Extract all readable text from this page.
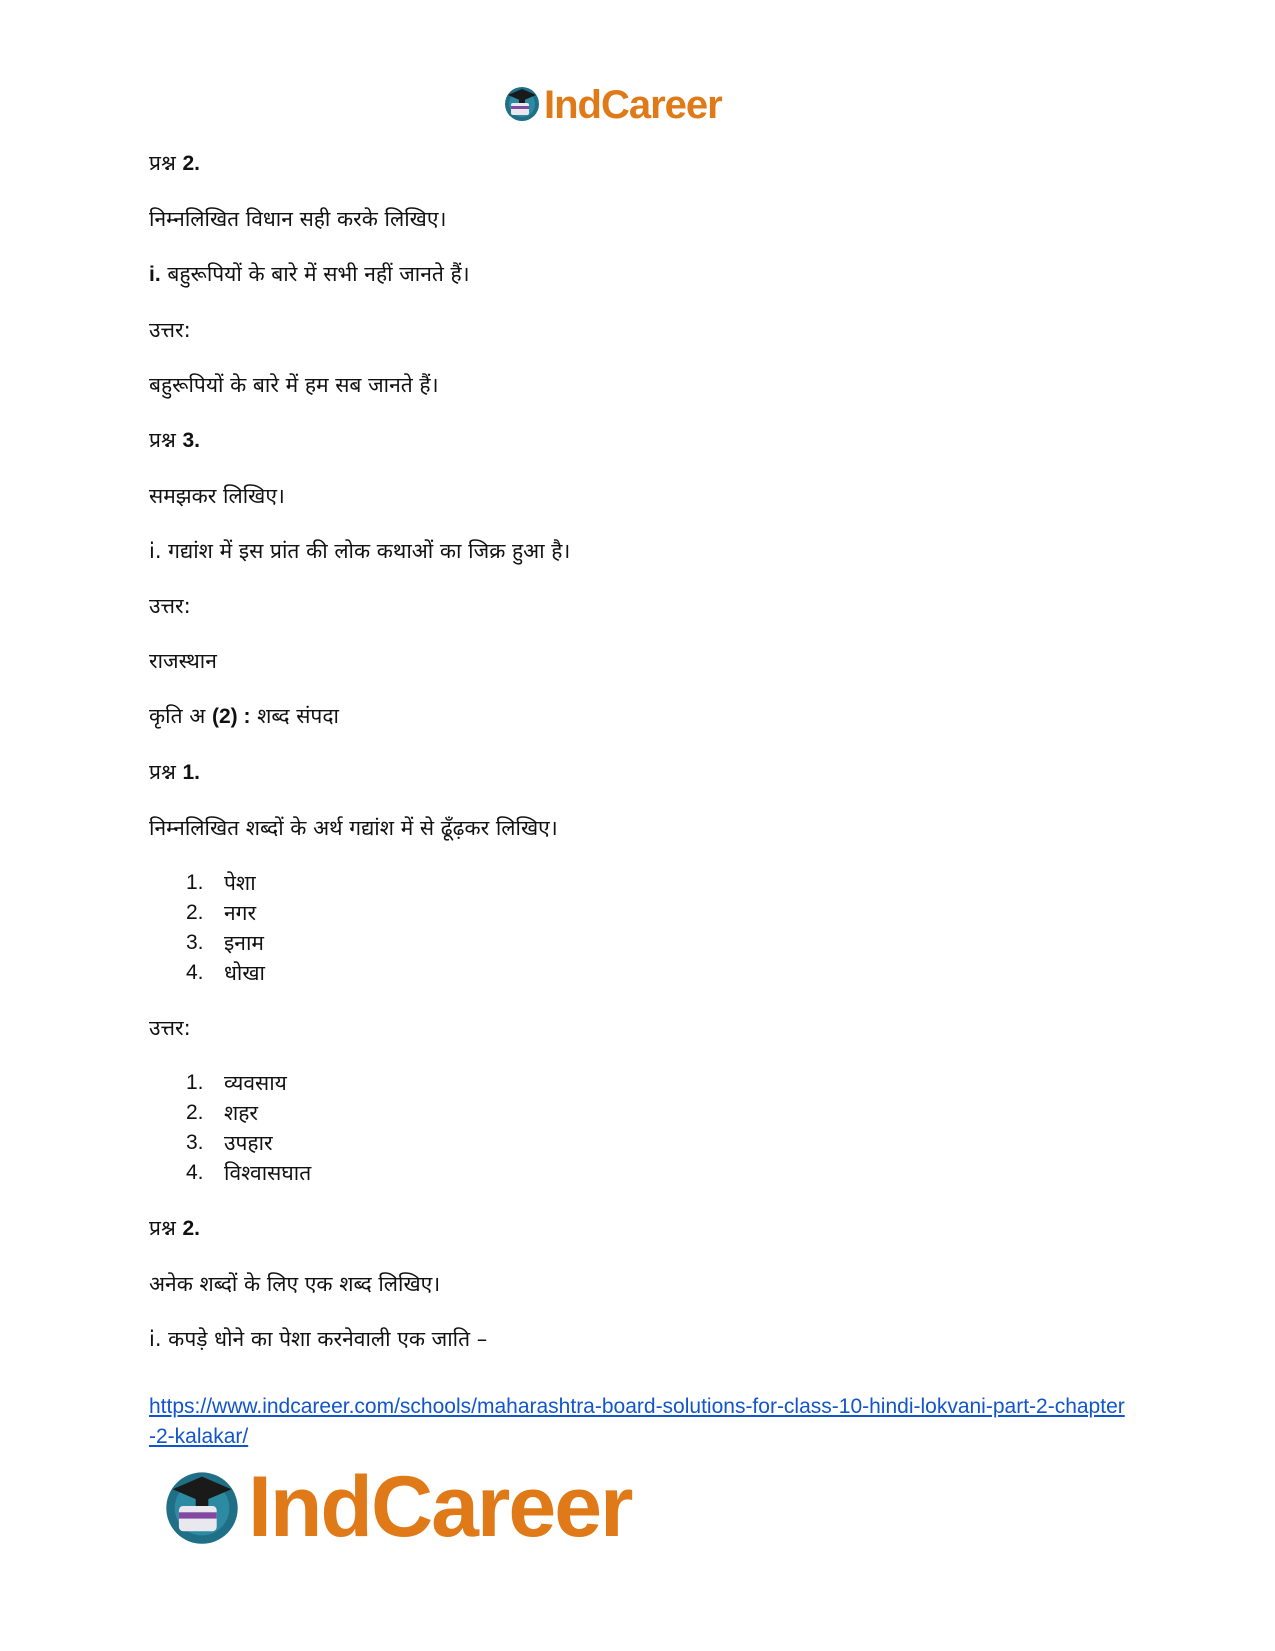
IndCareer
प्रश्न 2.
निम्नलिखित विधान सही करके लिखिए।
i. बहुरूपियों के बारे में सभी नहीं जानते हैं।
उत्तर:
बहुरूपियों के बारे में हम सब जानते हैं।
प्रश्न 3.
समझकर लिखिए।
i. गद्यांश में इस प्रांत की लोक कथाओं का जिक्र हुआ है।
उत्तर:
राजस्थान
कृति अ (2) : शब्द संपदा
प्रश्न 1.
निम्नलिखित शब्दों के अर्थ गद्यांश में से ढूँढ़कर लिखिए।
1. पेशा
2. नगर
3. इनाम
4. धोखा
उत्तर:
1. व्यवसाय
2. शहर
3. उपहार
4. विश्वासघात
प्रश्न 2.
अनेक शब्दों के लिए एक शब्द लिखिए।
i. कपड़े धोने का पेशा करनेवाली एक जाति –
https://www.indcareer.com/schools/maharashtra-board-solutions-for-class-10-hindi-lokvani-part-2-chapter-2-kalakar/
IndCareer
